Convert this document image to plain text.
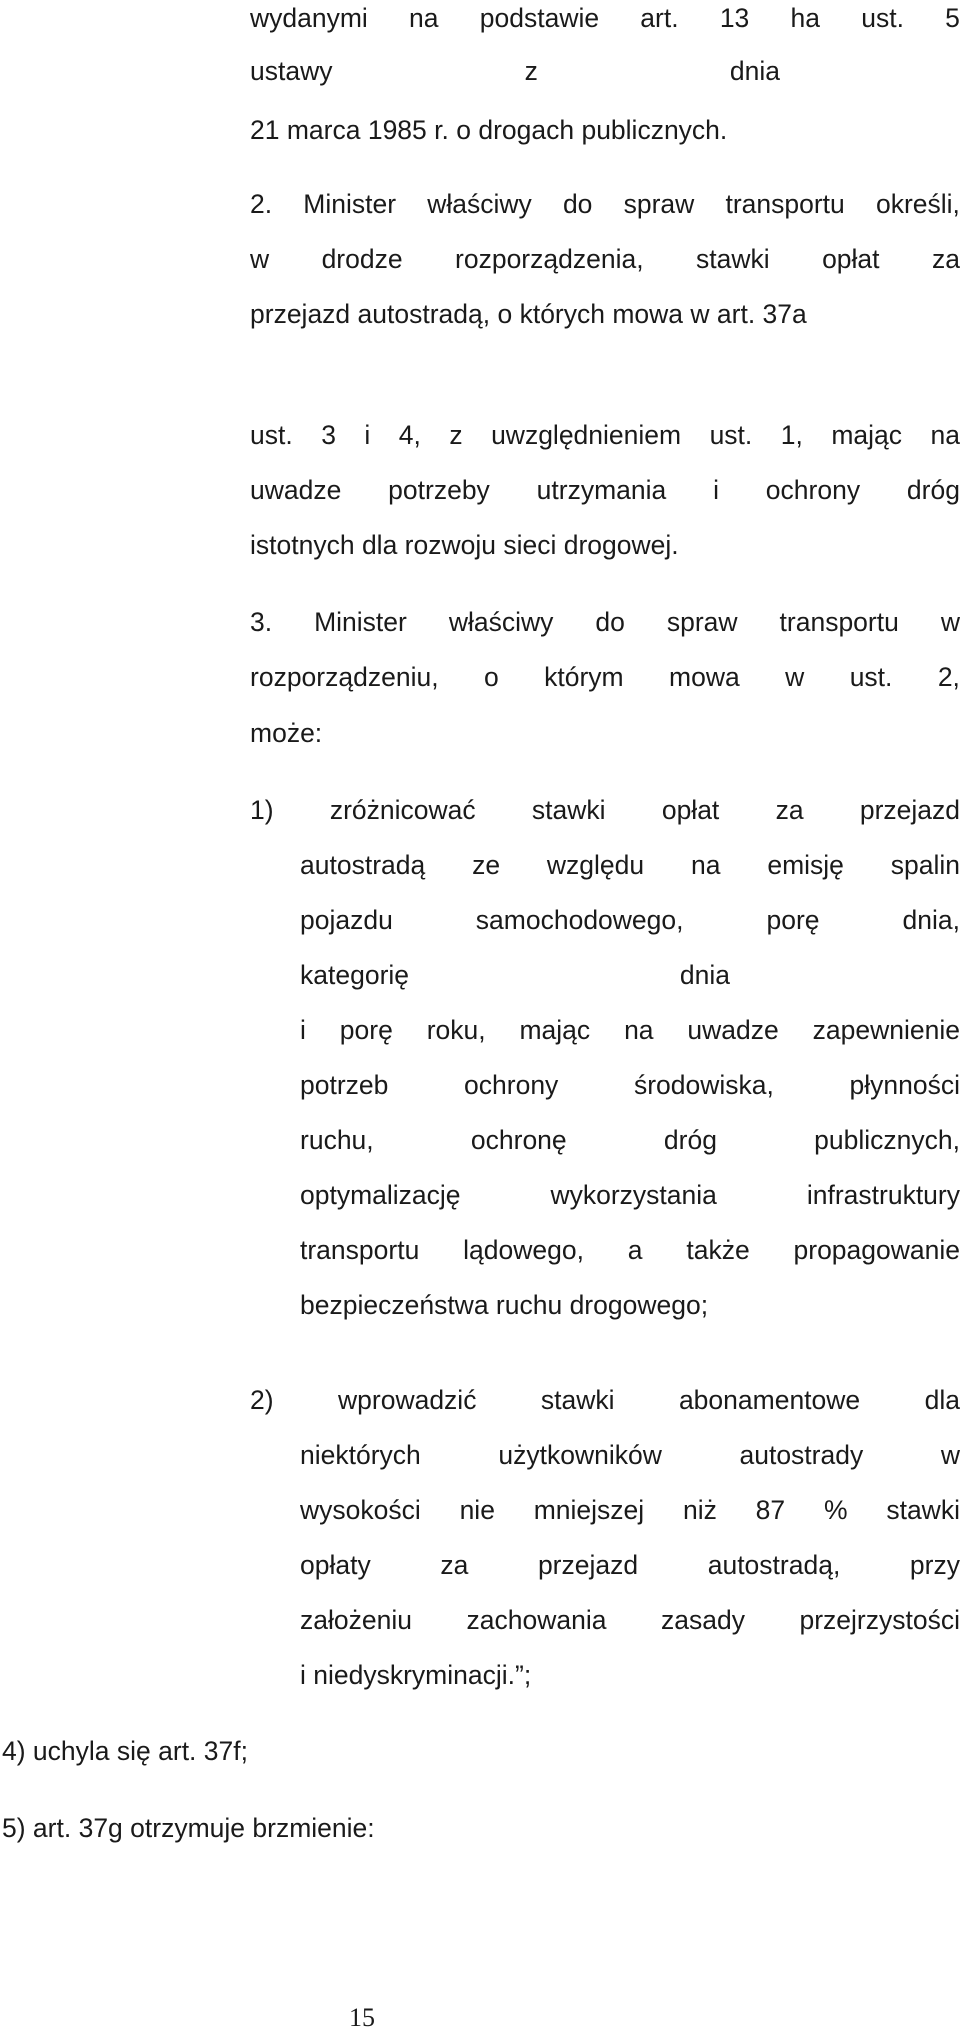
wydanymi na podstawie art. 13 ha ust. 5
ustawy	z	dnia
21 marca 1985 r. o drogach publicznych.
2. Minister właściwy do spraw transportu określi,
w drodze rozporządzenia, stawki opłat za
przejazd autostradą, o których mowa w art. 37a
ust. 3 i 4, z uwzględnieniem ust. 1, mając na
uwadze potrzeby utrzymania i ochrony dróg
istotnych dla rozwoju sieci drogowej.
3. Minister właściwy do spraw transportu w
rozporządzeniu, o którym mowa w ust. 2,
może:
1) zróżnicować stawki opłat za przejazd
autostradą ze względu na emisję spalin
pojazdu	samochodowego,	porę	dnia,
kategorię	dnia
i porę roku, mając na uwadze zapewnienie
potrzeb	ochrony	środowiska,	płynności
ruchu,	ochronę	dróg	publicznych,
optymalizację	wykorzystania	infrastruktury
transportu lądowego, a także propagowanie
bezpieczeństwa ruchu drogowego;
2) wprowadzić stawki abonamentowe dla
niektórych	użytkowników	autostrady	w
wysokości nie mniejszej niż 87 % stawki
opłaty	za	przejazd	autostradą,	przy
założeniu zachowania zasady przejrzystości
i niedyskryminacji.”;
4) uchyla się art. 37f;
5) art. 37g otrzymuje brzmienie:
15
